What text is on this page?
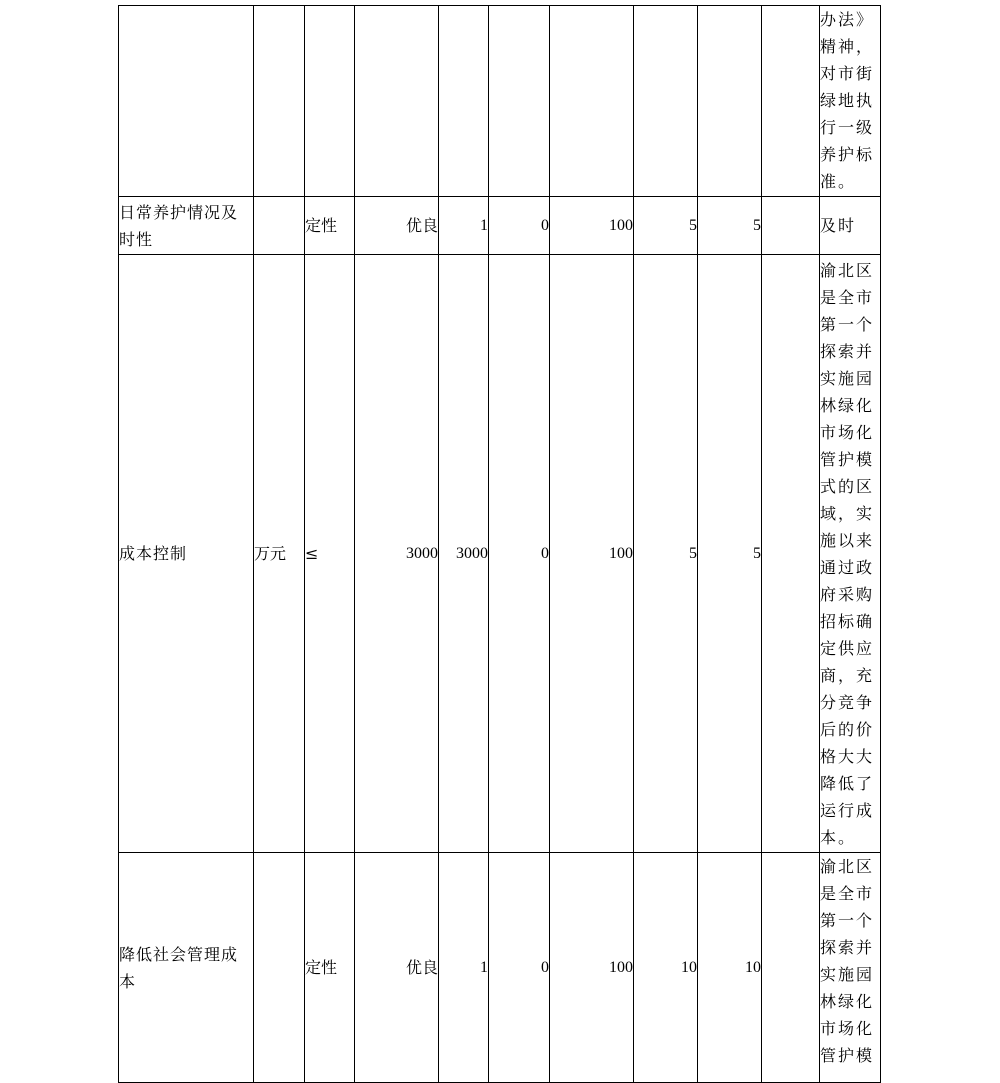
										办法》精神，对市街绿地执行一级养护标准。
日常养护情况及时性		定性	优良	1	0	100	5	5		及时
成本控制	万元	≤	3000	3000	0	100	5	5		渝北区是全市第一个探索并实施园林绿化市场化管护模式的区域，实施以来通过政府采购招标确定供应商，充分竞争后的价格大大降低了运行成本。
降低社会管理成本		定性	优良	1	0	100	10	10		渝北区是全市第一个探索并实施园林绿化市场化管护模
